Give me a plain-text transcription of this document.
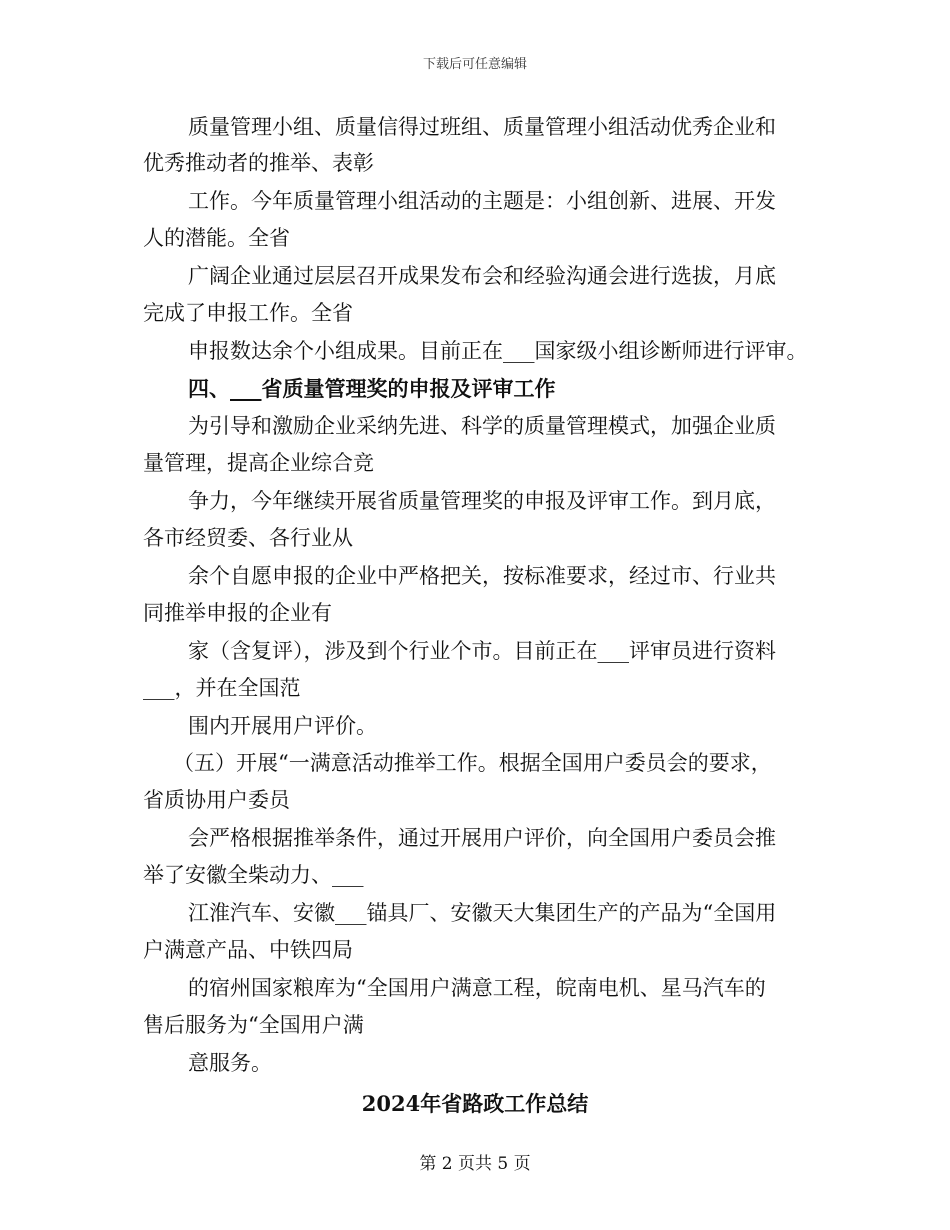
下载后可任意编辑
质量管理小组、质量信得过班组、质量管理小组活动优秀企业和
优秀推动者的推举、表彰
工作。今年质量管理小组活动的主题是：小组创新、进展、开发
人的潜能。全省
广阔企业通过层层召开成果发布会和经验沟通会进行选拔，月底
完成了申报工作。全省
申报数达余个小组成果。目前正在___国家级小组诊断师进行评审。
四、___省质量管理奖的申报及评审工作
为引导和激励企业采纳先进、科学的质量管理模式，加强企业质
量管理，提高企业综合竞
争力，今年继续开展省质量管理奖的申报及评审工作。到月底，
各市经贸委、各行业从
余个自愿申报的企业中严格把关，按标准要求，经过市、行业共
同推举申报的企业有
家（含复评），涉及到个行业个市。目前正在___评审员进行资料
___，并在全国范
围内开展用户评价。
（五）开展“一满意活动推举工作。根据全国用户委员会的要求，
省质协用户委员
会严格根据推举条件，通过开展用户评价，向全国用户委员会推
举了安徽全柴动力、___
江淮汽车、安徽___锚具厂、安徽天大集团生产的产品为“全国用
户满意产品、中铁四局
的宿州国家粮库为“全国用户满意工程，皖南电机、星马汽车的
售后服务为“全国用户满
意服务。
2024年省路政工作总结
第 2 页共 5 页
